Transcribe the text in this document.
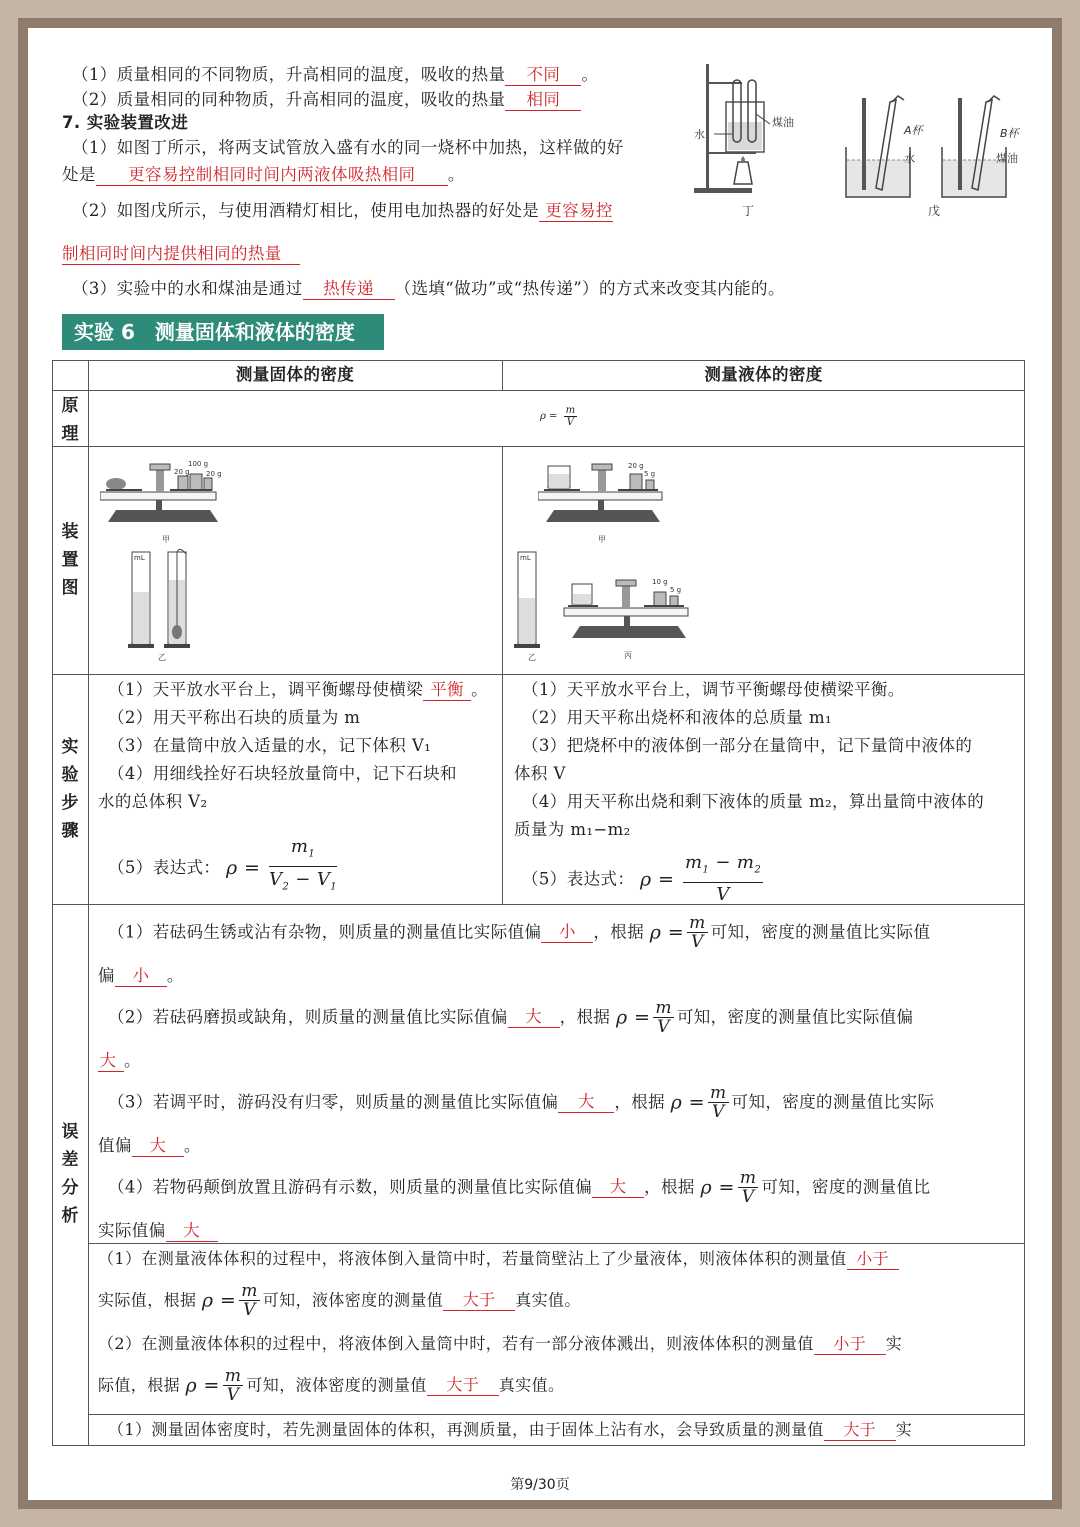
（1）质量相同的不同物质，升高相同的温度，吸收的热量 不同 。
（2）质量相同的同种物质，升高相同的温度，吸收的热量 相同
7. 实验装置改进
（1）如图丁所示，将两支试管放入盛有水的同一烧杯中加热，这样做的好
处是 更容易控制相同时间内两液体吸热相同 。
（2）如图戊所示，与使用酒精灯相比，使用电加热器的好处是 更容易控
制相同时间内提供相同的热量
（3）实验中的水和煤油是通过 热传递 （选填“做功”或“热传递”）的方式来改变其内能的。
水
煤油
丁
A杯
水
B杯
煤油
戊
实验 6　测量固体和液体的密度
测量固体的密度	测量液体的密度
原
理
装
置
图
实
验
步
骤
误
差
分
析
$\rho = \frac{m}{V}$
甲
100 g
20 g 20 g
mL
乙
甲
20 g
5 g
mL
乙	丙
10 g
5 g
（1）天平放水平台上，调平衡螺母使横梁 平衡 。
（2）用天平称出石块的质量为 m
（3）在量筒中放入适量的水，记下体积 V₁
（4）用细线拴好石块轻放量筒中，记下石块和
水的总体积 V₂
（5）表达式： $\rho = \frac{m_1}{V_2 - V_1}$
（1）天平放水平台上，调节平衡螺母使横梁平衡。
（2）用天平称出烧杯和液体的总质量 m₁
（3）把烧杯中的液体倒一部分在量筒中，记下量筒中液体的
体积 V
（4）用天平称出烧和剩下液体的质量 m₂，算出量筒中液体的
质量为 m₁−m₂
（5）表达式： $\rho = \frac{m_1 - m_2}{V}$
（1）若砝码生锈或沾有杂物，则质量的测量值比实际值偏 小 ，根据 $\rho = \frac{m}{V}$ 可知，密度的测量值比实际值
偏 小 。
（2）若砝码磨损或缺角，则质量的测量值比实际值偏 大 ，根据 $\rho = \frac{m}{V}$ 可知，密度的测量值比实际值偏
大 。
（3）若调平时，游码没有归零，则质量的测量值比实际值偏 大 ，根据 $\rho = \frac{m}{V}$ 可知，密度的测量值比实际
值偏 大 。
（4）若物码颠倒放置且游码有示数，则质量的测量值比实际值偏 大 ，根据 $\rho = \frac{m}{V}$ 可知，密度的测量值比
实际值偏 大
（1）在测量液体体积的过程中，将液体倒入量筒中时，若量筒壁沾上了少量液体，则液体体积的测量值 小于
实际值，根据 $\rho = \frac{m}{V}$ 可知，液体密度的测量值 大于 真实值。
（2）在测量液体体积的过程中，将液体倒入量筒中时，若有一部分液体溅出，则液体体积的测量值 小于 实
际值，根据 $\rho = \frac{m}{V}$ 可知，液体密度的测量值 大于 真实值。
（1）测量固体密度时，若先测量固体的体积，再测质量，由于固体上沾有水，会导致质量的测量值 大于 实
第9/30页
